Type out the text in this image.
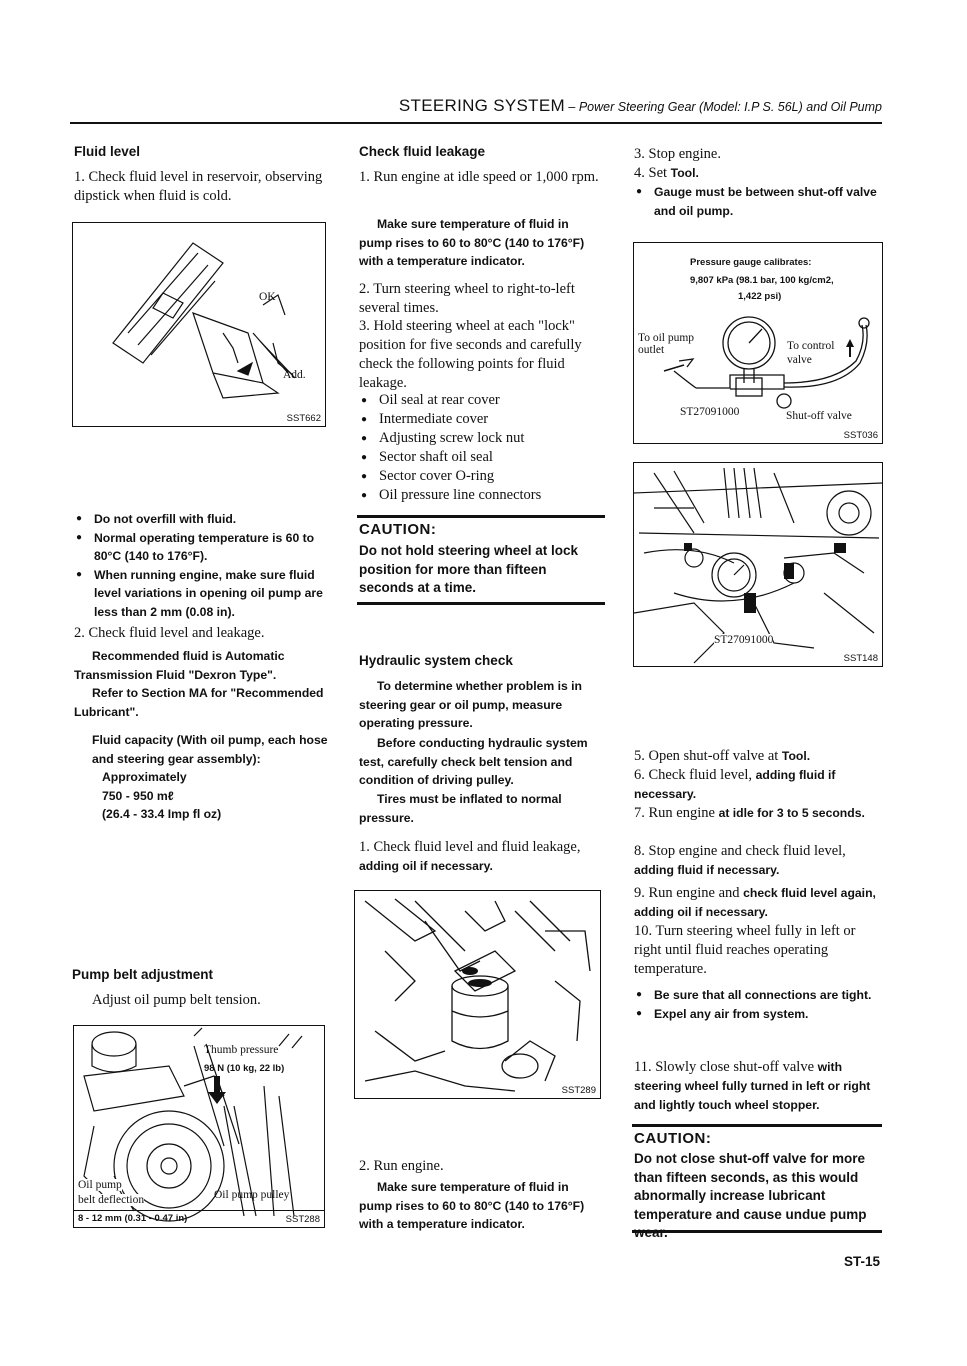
STEERING SYSTEM – Power Steering Gear (Model: I.P S. 56L) and Oil Pump
Fluid level
1. Check fluid level in reservoir, observing dipstick when fluid is cold.
OK
Add.
SST662
● Do not overfill with fluid.
● Normal operating temperature is 60 to 80°C (140 to 176°F).
● When running engine, make sure fluid level variations in opening oil pump are less than 2 mm (0.08 in).
2. Check fluid level and leakage.
Recommended fluid is Automatic Transmission Fluid "Dexron Type".
Refer to Section MA for "Recommended Lubricant".
Fluid capacity (With oil pump, each hose and steering gear assembly):
Approximately
750 - 950 mℓ
(26.4 - 33.4 Imp fl oz)
Pump belt adjustment
Adjust oil pump belt tension.
Thumb pressure
98 N (10 kg, 22 lb)
Oil pump
belt deflection	Oil pump pulley
8 - 12 mm (0.31 - 0.47 in)	SST288
Check fluid leakage
1. Run engine at idle speed or 1,000 rpm.
Make sure temperature of fluid in pump rises to 60 to 80°C (140 to 176°F) with a temperature indicator.
2. Turn steering wheel to right-to-left several times.
3. Hold steering wheel at each "lock" position for five seconds and carefully check the following points for fluid leakage.
● Oil seal at rear cover
● Intermediate cover
● Adjusting screw lock nut
● Sector shaft oil seal
● Sector cover O-ring
● Oil pressure line connectors
CAUTION:
Do not hold steering wheel at lock position for more than fifteen seconds at a time.
Hydraulic system check
To determine whether problem is in steering gear or oil pump, measure operating pressure.
Before conducting hydraulic system test, carefully check belt tension and condition of driving pulley.
Tires must be inflated to normal pressure.
1. Check fluid level and fluid leakage, adding oil if necessary.
SST289
2. Run engine.
Make sure temperature of fluid in pump rises to 60 to 80°C (140 to 176°F) with a temperature indicator.
3. Stop engine.
4. Set Tool.
● Gauge must be between shut-off valve and oil pump.
Pressure gauge calibrates:
9,807 kPa (98.1 bar, 100 kg/cm2,
1,422 psi)
To oil pump
outlet	To control
valve
ST27091000	Shut-off valve
SST036
ST27091000
SST148
5. Open shut-off valve at Tool.
6. Check fluid level, adding fluid if necessary.
7. Run engine at idle for 3 to 5 seconds.
8. Stop engine and check fluid level, adding fluid if necessary.
9. Run engine and check fluid level again, adding oil if necessary.
10. Turn steering wheel fully in left or right until fluid reaches operating temperature.
● Be sure that all connections are tight.
● Expel any air from system.
11. Slowly close shut-off valve with steering wheel fully turned in left or right and lightly touch wheel stopper.
CAUTION:
Do not close shut-off valve for more than fifteen seconds, as this would abnormally increase lubricant temperature and cause undue pump
ST-15
